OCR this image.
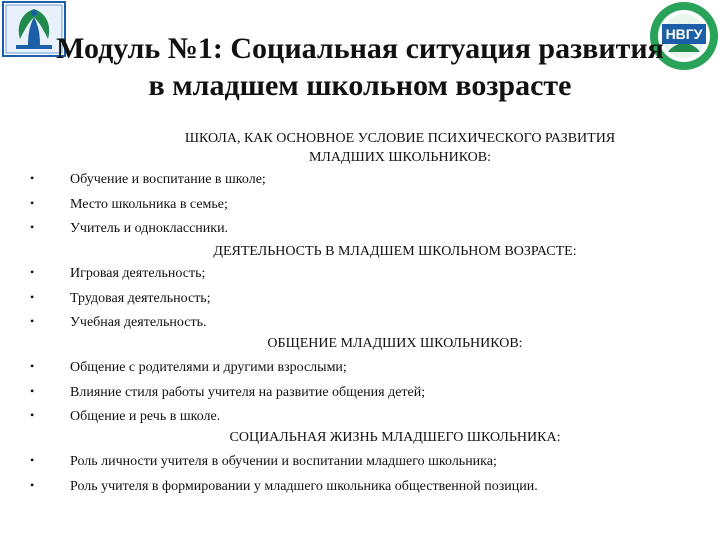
НВГУ
Модуль №1: Социальная ситуация развития
в младшем школьном возрасте
ШКОЛА, КАК ОСНОВНОЕ УСЛОВИЕ ПСИХИЧЕСКОГО РАЗВИТИЯ
МЛАДШИХ ШКОЛЬНИКОВ:
•	Обучение и воспитание в школе;
•	Место школьника в семье;
•	Учитель и одноклассники.
ДЕЯТЕЛЬНОСТЬ В МЛАДШЕМ ШКОЛЬНОМ ВОЗРАСТЕ:
•	Игровая деятельность;
•	Трудовая деятельность;
•	Учебная деятельность.
ОБЩЕНИЕ МЛАДШИХ ШКОЛЬНИКОВ:
•	Общение с родителями и другими взрослыми;
•	Влияние стиля работы учителя на развитие общения детей;
•	Общение и речь в школе.
СОЦИАЛЬНАЯ ЖИЗНЬ МЛАДШЕГО ШКОЛЬНИКА:
•	Роль личности учителя в обучении и воспитании младшего школьника;
•	Роль учителя в формировании у младшего школьника общественной позиции.
